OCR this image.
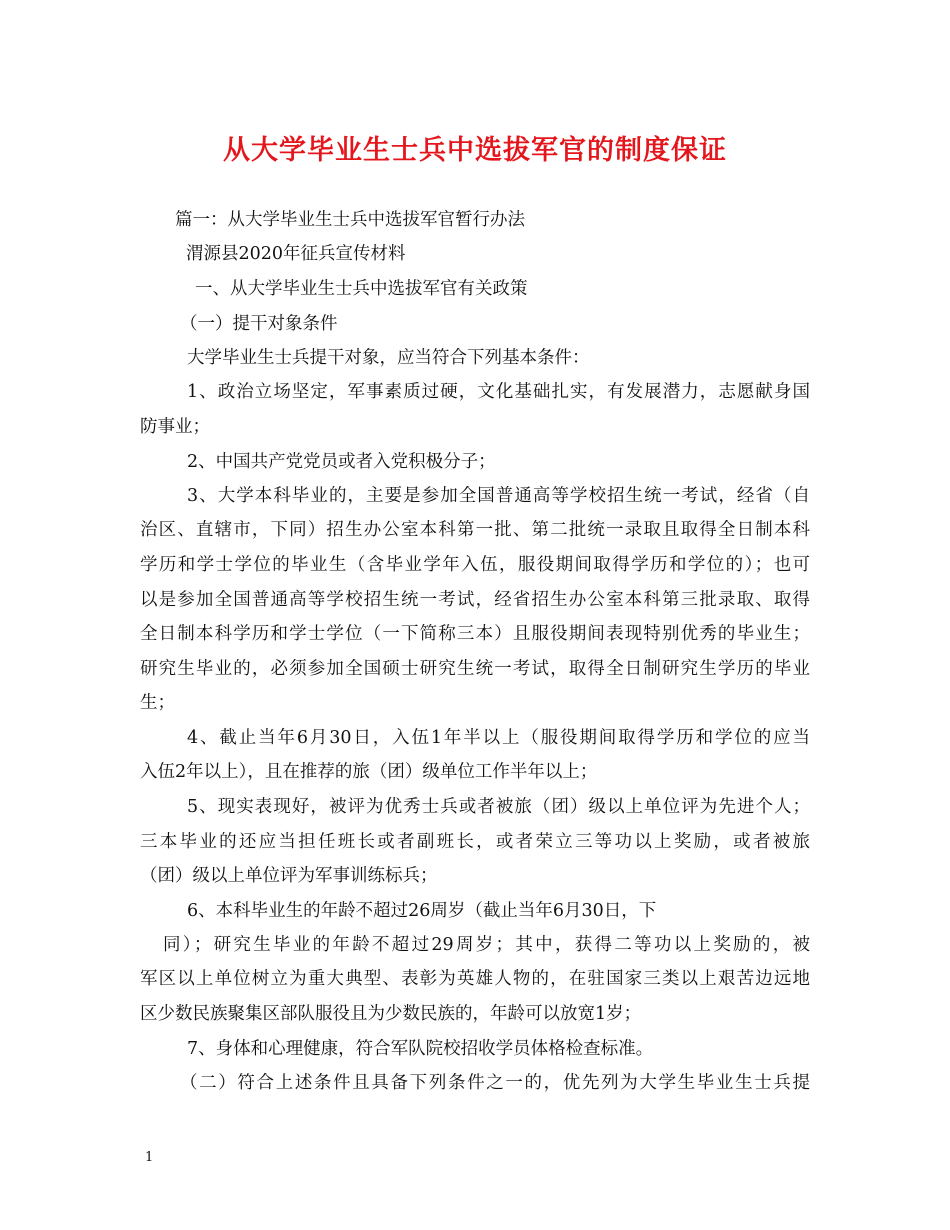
从大学毕业生士兵中选拔军官的制度保证
篇一：从大学毕业生士兵中选拔军官暂行办法
渭源县2020年征兵宣传材料
一、从大学毕业生士兵中选拔军官有关政策
（一）提干对象条件
大学毕业生士兵提干对象，应当符合下列基本条件：
1、政治立场坚定，军事素质过硬，文化基础扎实，有发展潜力，志愿献身国
防事业；
2、中国共产党党员或者入党积极分子；
3、大学本科毕业的，主要是参加全国普通高等学校招生统一考试，经省（自
治区、直辖市，下同）招生办公室本科第一批、第二批统一录取且取得全日制本科
学历和学士学位的毕业生（含毕业学年入伍，服役期间取得学历和学位的）；也可
以是参加全国普通高等学校招生统一考试，经省招生办公室本科第三批录取、取得
全日制本科学历和学士学位（一下简称三本）且服役期间表现特别优秀的毕业生；
研究生毕业的，必须参加全国硕士研究生统一考试，取得全日制研究生学历的毕业
生；
4、截止当年6月30日，入伍1年半以上（服役期间取得学历和学位的应当
入伍2年以上），且在推荐的旅（团）级单位工作半年以上；
5、现实表现好，被评为优秀士兵或者被旅（团）级以上单位评为先进个人；
三本毕业的还应当担任班长或者副班长，或者荣立三等功以上奖励，或者被旅
（团）级以上单位评为军事训练标兵；
6、本科毕业生的年龄不超过26周岁（截止当年6月30日，下
同）；研究生毕业的年龄不超过29周岁；其中，获得二等功以上奖励的，被
军区以上单位树立为重大典型、表彰为英雄人物的，在驻国家三类以上艰苦边远地
区少数民族聚集区部队服役且为少数民族的，年龄可以放宽1岁；
7、身体和心理健康，符合军队院校招收学员体格检查标准。
（二）符合上述条件且具备下列条件之一的，优先列为大学生毕业生士兵提
1
